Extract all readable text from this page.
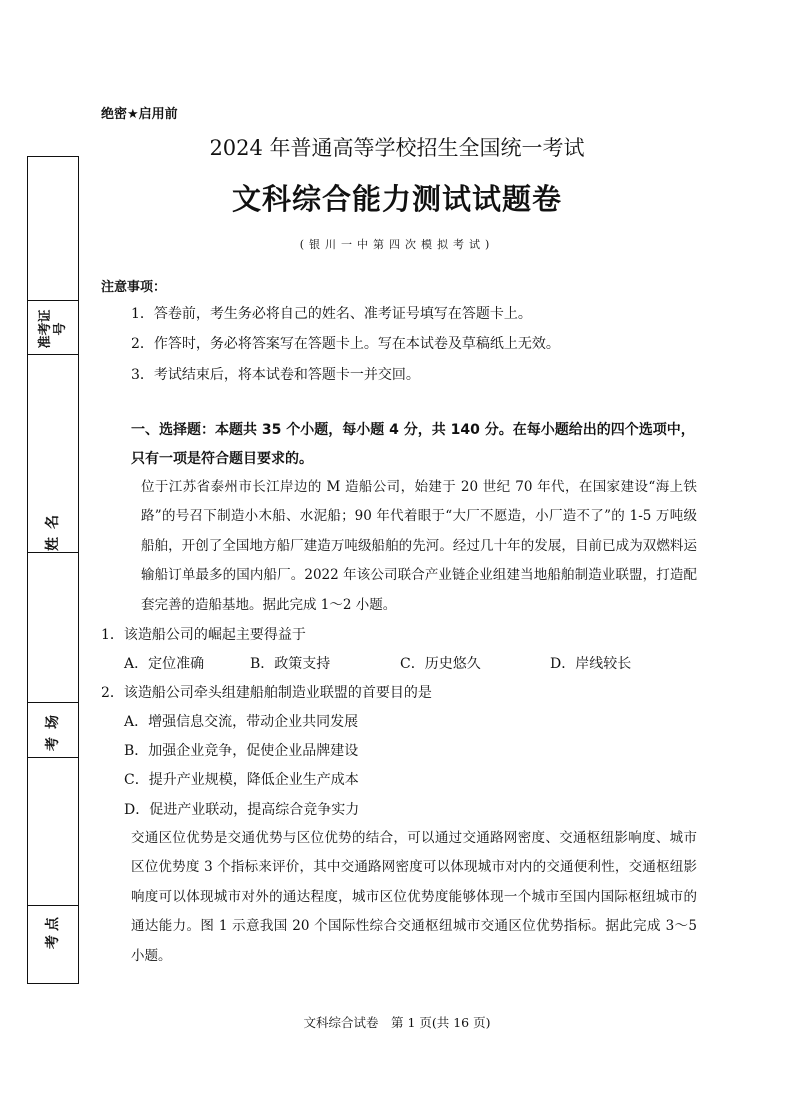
准考证号
姓名
考场
考点
绝密★启用前
2024 年普通高等学校招生全国统一考试
文科综合能力测试试题卷
(银川一中第四次模拟考试)
注意事项：
1．答卷前，考生务必将自己的姓名、准考证号填写在答题卡上。
2．作答时，务必将答案写在答题卡上。写在本试卷及草稿纸上无效。
3．考试结束后，将本试卷和答题卡一并交回。
一、选择题：本题共 35 个小题，每小题 4 分，共 140 分。在每小题给出的四个选项中，只有一项是符合题目要求的。
位于江苏省泰州市长江岸边的 M 造船公司，始建于 20 世纪 70 年代，在国家建设“海上铁路”的号召下制造小木船、水泥船；90 年代着眼于“大厂不愿造，小厂造不了”的 1-5 万吨级船舶，开创了全国地方船厂建造万吨级船舶的先河。经过几十年的发展，目前已成为双燃料运输船订单最多的国内船厂。2022 年该公司联合产业链企业组建当地船舶制造业联盟，打造配套完善的造船基地。据此完成 1～2 小题。
1．该造船公司的崛起主要得益于
A．定位准确	B．政策支持	C．历史悠久	D．岸线较长
2．该造船公司牵头组建船舶制造业联盟的首要目的是
A．增强信息交流，带动企业共同发展
B．加强企业竞争，促使企业品牌建设
C．提升产业规模，降低企业生产成本
D．促进产业联动，提高综合竞争实力
交通区位优势是交通优势与区位优势的结合，可以通过交通路网密度、交通枢纽影响度、城市区位优势度 3 个指标来评价，其中交通路网密度可以体现城市对内的交通便利性，交通枢纽影响度可以体现城市对外的通达程度，城市区位优势度能够体现一个城市至国内国际枢纽城市的通达能力。图 1 示意我国 20 个国际性综合交通枢纽城市交通区位优势指标。据此完成 3～5 小题。
文科综合试卷　第 1 页(共 16 页)
